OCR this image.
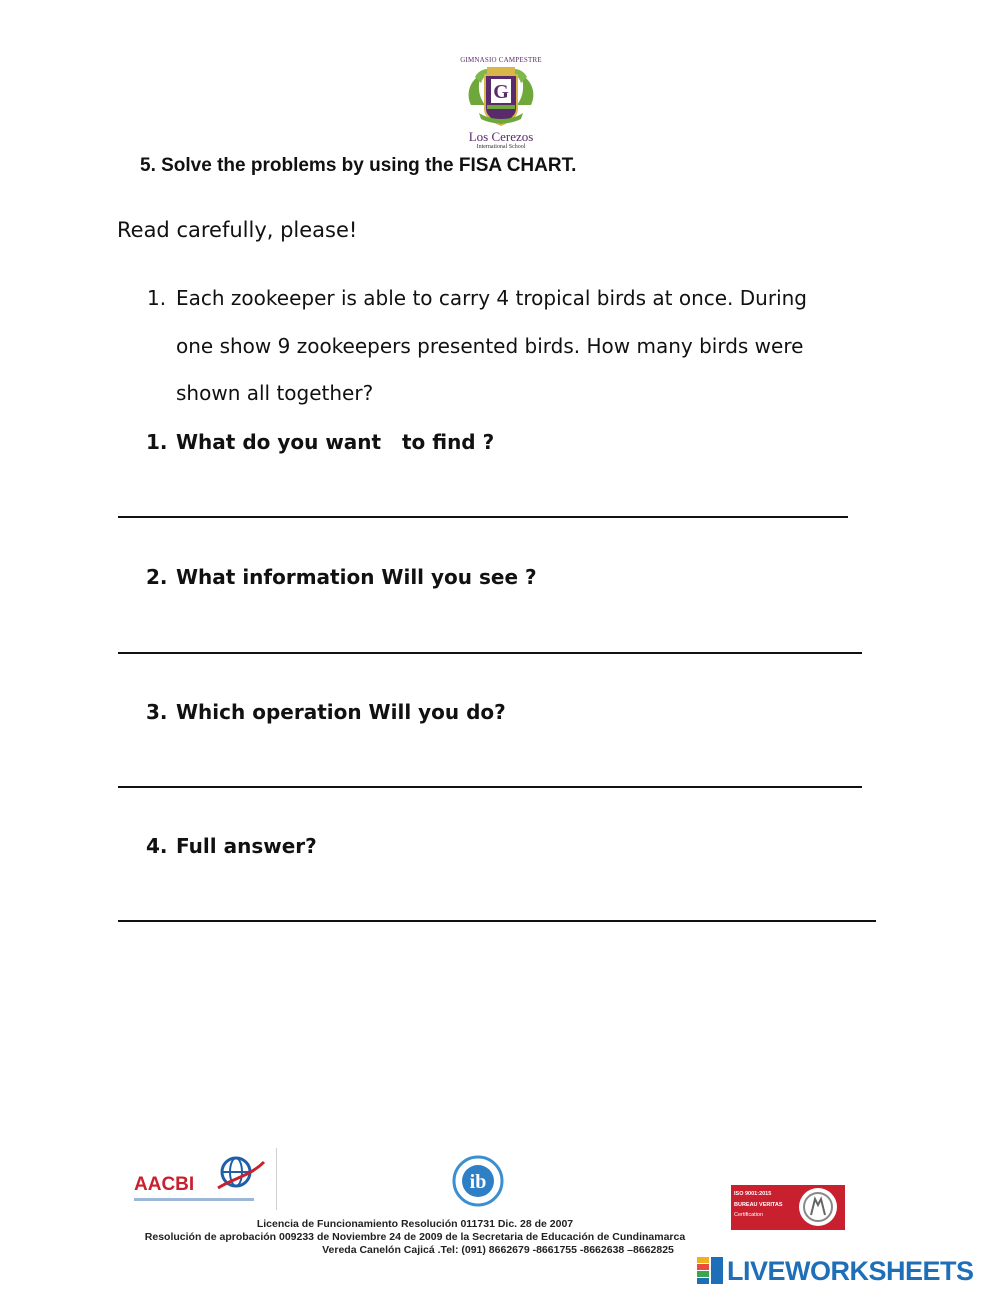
GIMNASIO CAMPESTRE
G
Los Cerezos
International School
5. Solve the problems by using the FISA CHART.
Read carefully, please!
1. Each zookeeper is able to carry 4 tropical birds at once. During
one show 9 zookeepers presented birds. How many birds were
shown all together?
1. What do you want   to find ?
2. What information Will you see ?
3. Which operation Will you do?
4. Full answer?
AACBI	ib
ISO 9001:2015
BUREAU VERITAS
Certification
Licencia de Funcionamiento Resolución 011731 Dic. 28 de 2007
Resolución de aprobación 009233 de Noviembre 24 de 2009 de la Secretaria de Educación de Cundinamarca
Vereda Canelón Cajicá .Tel: (091) 8662679 -8661755 -8662638 –8662825
LIVEWORKSHEETS
